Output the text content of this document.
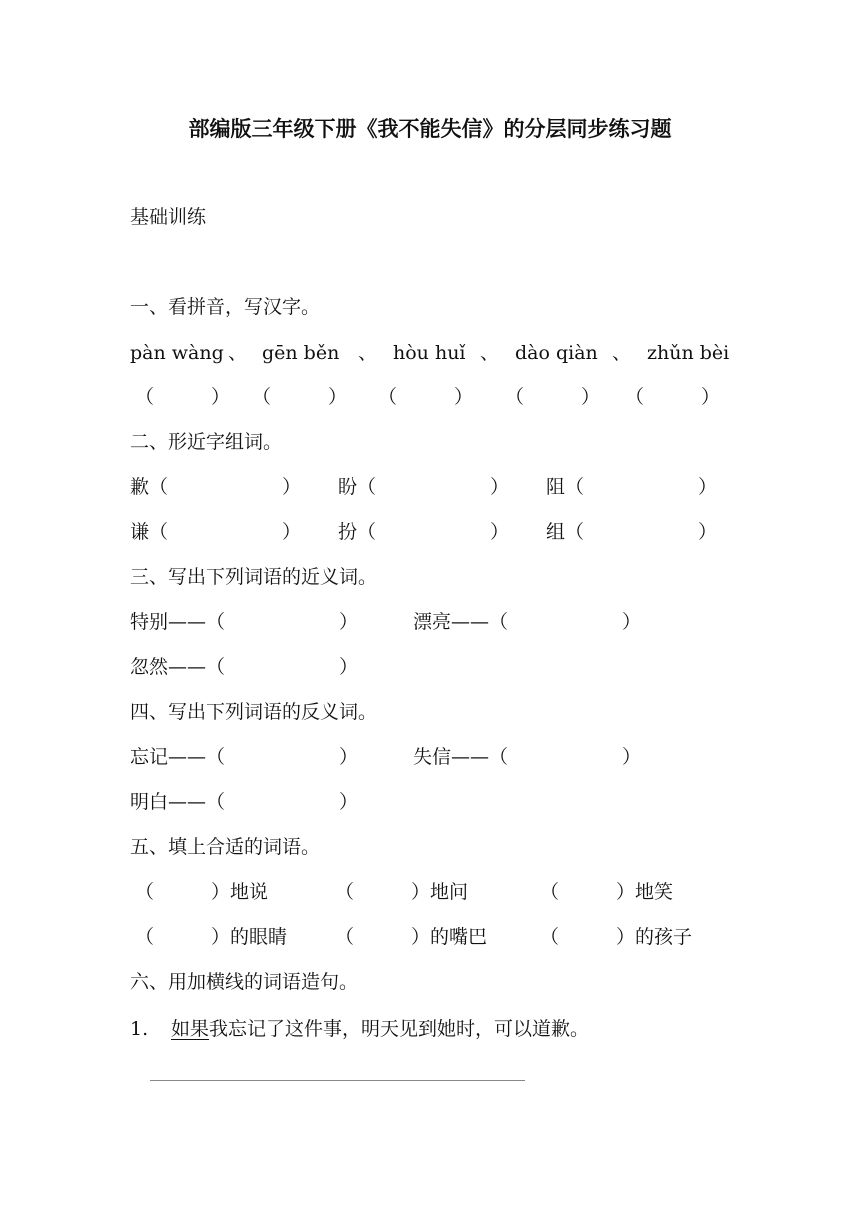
部编版三年级下册《我不能失信》的分层同步练习题
基础训练
一、看拼音，写汉字。
pàn wàng 、 gēn běn 、 hòu huǐ 、 dào qiàn 、 zhǔn bèi
（　　　） （　　　） （　　　） （　　　） （　　　）
二、形近字组词。
歉（　　　　　　） 盼（　　　　　　） 阻（　　　　　　）
谦（　　　　　　） 扮（　　　　　　） 组（　　　　　　）
三、写出下列词语的近义词。
特别——（　　　　　　）	漂亮——（　　　　　　）
忽然——（　　　　　　）
四、写出下列词语的反义词。
忘记——（　　　　　　）	失信——（　　　　　　）
明白——（　　　　　　）
五、填上合适的词语。
（　　　）地说	（　　　）地问	（　　　）地笑
（　　　）的眼睛	（　　　）的嘴巴	（　　　）的孩子
六、用加横线的词语造句。
1. 如果我忘记了这件事，明天见到她时，可以道歉。
